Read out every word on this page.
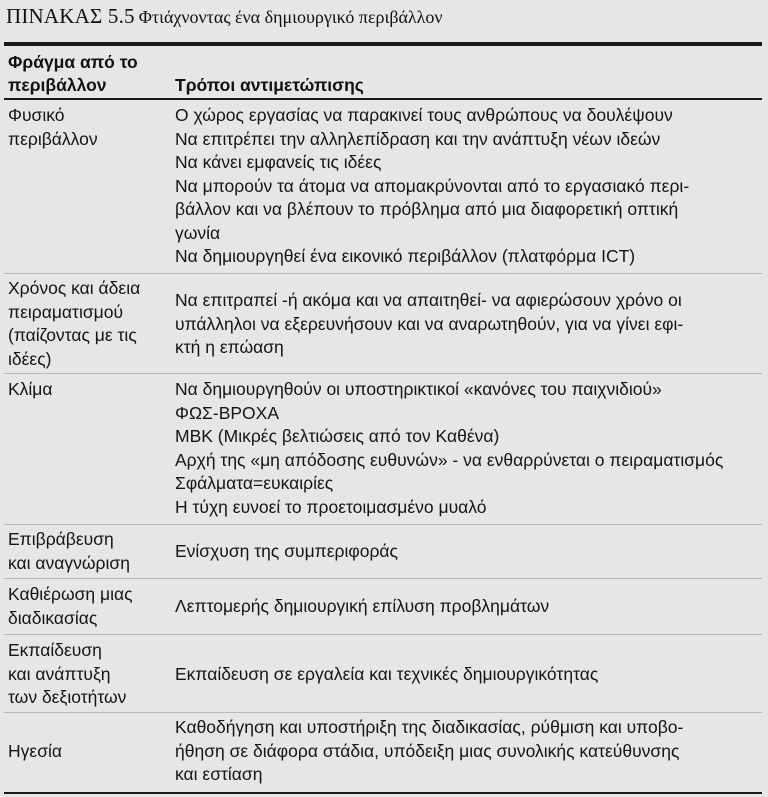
ΠΙΝΑΚΑΣ 5.5 Φτιάχνοντας ένα δημιουργικό περιβάλλον
Φράγμα από το
περιβάλλον	Τρόποι αντιμετώπισης
Φυσικό
περιβάλλον
Ο χώρος εργασίας να παρακινεί τους ανθρώπους να δουλέψουν
Να επιτρέπει την αλληλεπίδραση και την ανάπτυξη νέων ιδεών
Να κάνει εμφανείς τις ιδέες
Να μπορούν τα άτομα να απομακρύνονται από το εργασιακό περι-
βάλλον και να βλέπουν το πρόβλημα από μια διαφορετική οπτική
γωνία
Να δημιουργηθεί ένα εικονικό περιβάλλον (πλατφόρμα ICT)
Χρόνος και άδεια
πειραματισμού
(παίζοντας με τις
ιδέες)
Να επιτραπεί -ή ακόμα και να απαιτηθεί- να αφιερώσουν χρόνο οι
υπάλληλοι να εξερευνήσουν και να αναρωτηθούν, για να γίνει εφι-
κτή η επώαση
Κλίμα	Να δημιουργηθούν οι υποστηρικτικοί «κανόνες του παιχνιδιού»
ΦΩΣ-ΒΡΟΧΑ
ΜΒΚ (Μικρές βελτιώσεις από τον Καθένα)
Αρχή της «μη απόδοσης ευθυνών» - να ενθαρρύνεται ο πειραματισμός
Σφάλματα=ευκαιρίες
Η τύχη ευνοεί το προετοιμασμένο μυαλό
Επιβράβευση
και αναγνώριση
Ενίσχυση της συμπεριφοράς
Καθιέρωση μιας
διαδικασίας
Λεπτομερής δημιουργική επίλυση προβλημάτων
Εκπαίδευση
και ανάπτυξη
των δεξιοτήτων
Εκπαίδευση σε εργαλεία και τεχνικές δημιουργικότητας
Ηγεσία
Καθοδήγηση και υποστήριξη της διαδικασίας, ρύθμιση και υποβο-
ήθηση σε διάφορα στάδια, υπόδειξη μιας συνολικής κατεύθυνσης
και εστίαση
